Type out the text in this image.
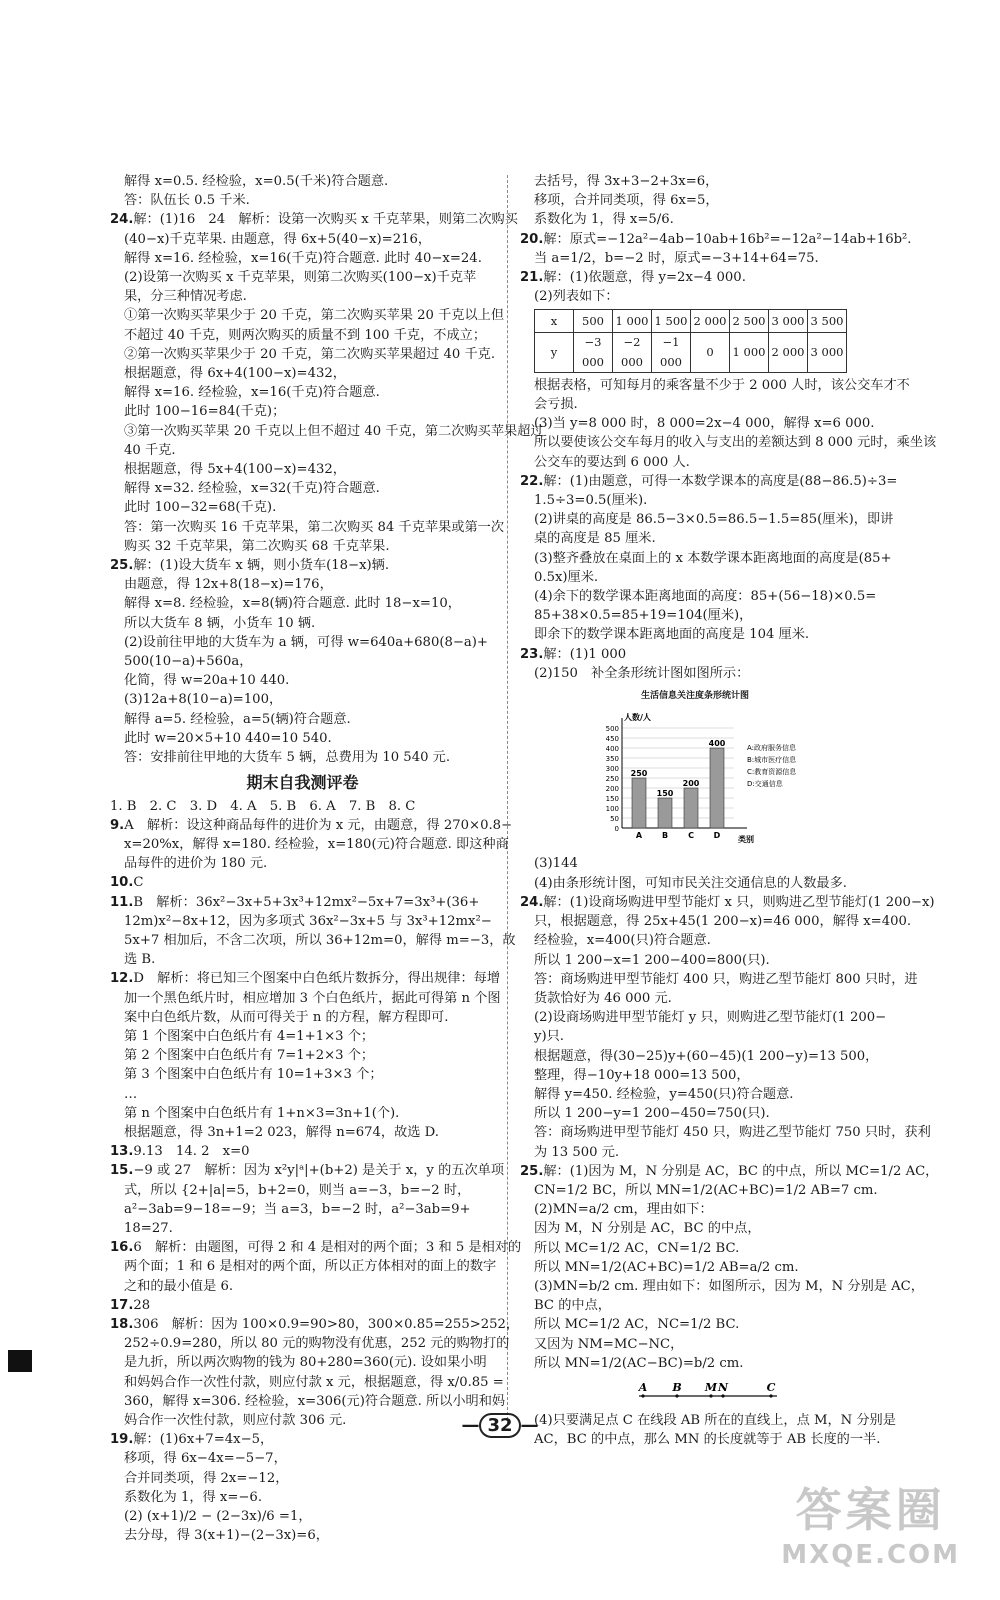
解得 x=0.5. 经检验，x=0.5(千米)符合题意.
答：队伍长 0.5 千米.
24.解：(1)16　24　解析：设第一次购买 x 千克苹果，则第二次购买
(40−x)千克苹果. 由题意，得 6x+5(40−x)=216，
解得 x=16. 经检验，x=16(千克)符合题意. 此时 40−x=24.
(2)设第一次购买 x 千克苹果，则第二次购买(100−x)千克苹
果，分三种情况考虑.
①第一次购买苹果少于 20 千克，第二次购买苹果 20 千克以上但
不超过 40 千克，则两次购买的质量不到 100 千克，不成立；
②第一次购买苹果少于 20 千克，第二次购买苹果超过 40 千克.
根据题意，得 6x+4(100−x)=432，
解得 x=16. 经检验，x=16(千克)符合题意.
此时 100−16=84(千克)；
③第一次购买苹果 20 千克以上但不超过 40 千克，第二次购买苹果超过
40 千克.
根据题意，得 5x+4(100−x)=432，
解得 x=32. 经检验，x=32(千克)符合题意.
此时 100−32=68(千克).
答：第一次购买 16 千克苹果，第二次购买 84 千克苹果或第一次
购买 32 千克苹果，第二次购买 68 千克苹果.
25.解：(1)设大货车 x 辆，则小货车(18−x)辆.
由题意，得 12x+8(18−x)=176，
解得 x=8. 经检验，x=8(辆)符合题意. 此时 18−x=10，
所以大货车 8 辆，小货车 10 辆.
(2)设前往甲地的大货车为 a 辆，可得 w=640a+680(8−a)+
500(10−a)+560a，
化简，得 w=20a+10 440.
(3)12a+8(10−a)=100，
解得 a=5. 经检验，a=5(辆)符合题意.
此时 w=20×5+10 440=10 540.
答：安排前往甲地的大货车 5 辆，总费用为 10 540 元.
期末自我测评卷
1. B　2. C　3. D　4. A　5. B　6. A　7. B　8. C
9.A　解析：设这种商品每件的进价为 x 元，由题意，得 270×0.8−
x=20%x，解得 x=180. 经检验，x=180(元)符合题意. 即这种商
品每件的进价为 180 元.
10.C
11.B　解析：36x²−3x+5+3x³+12mx²−5x+7=3x³+(36+
12m)x²−8x+12，因为多项式 36x²−3x+5 与 3x³+12mx²−
5x+7 相加后，不含二次项，所以 36+12m=0，解得 m=−3，故
选 B.
12.D　解析：将已知三个图案中白色纸片数拆分，得出规律：每增
加一个黑色纸片时，相应增加 3 个白色纸片，据此可得第 n 个图
案中白色纸片数，从而可得关于 n 的方程，解方程即可.
第 1 个图案中白色纸片有 4=1+1×3 个；
第 2 个图案中白色纸片有 7=1+2×3 个；
第 3 个图案中白色纸片有 10=1+3×3 个；
…
第 n 个图案中白色纸片有 1+n×3=3n+1(个).
根据题意，得 3n+1=2 023，解得 n=674，故选 D.
13.9.13　14. 2　x=0
15.−9 或 27　解析：因为 x²y|ᵃ|+(b+2) 是关于 x，y 的五次单项
式，所以 {2+|a|=5，b+2=0，则当 a=−3，b=−2 时，
a²−3ab=9−18=−9；当 a=3，b=−2 时，a²−3ab=9+
18=27.
16.6　解析：由题图，可得 2 和 4 是相对的两个面；3 和 5 是相对的
两个面；1 和 6 是相对的两个面，所以正方体相对的面上的数字
之和的最小值是 6.
17.28
18.306　解析：因为 100×0.9=90>80，300×0.85=255>252，
252÷0.9=280，所以 80 元的购物没有优惠，252 元的购物打的
是九折，所以两次购物的钱为 80+280=360(元). 设如果小明
和妈妈合作一次性付款，则应付款 x 元，根据题意，得 x/0.85 =
360，解得 x=306. 经检验，x=306(元)符合题意. 所以小明和妈
妈合作一次性付款，则应付款 306 元.
19.解：(1)6x+7=4x−5，
移项，得 6x−4x=−5−7，
合并同类项，得 2x=−12，
系数化为 1，得 x=−6.
(2) (x+1)/2 − (2−3x)/6 =1，
去分母，得 3(x+1)−(2−3x)=6，
去括号，得 3x+3−2+3x=6，
移项，合并同类项，得 6x=5，
系数化为 1，得 x=5/6.
20.解：原式=−12a²−4ab−10ab+16b²=−12a²−14ab+16b².
当 a=1/2，b=−2 时，原式=−3+14+64=75.
21.解：(1)依题意，得 y=2x−4 000.
(2)列表如下：
x	500	1 000	1 500	2 000	2 500	3 000	3 500
y	−3 000	−2 000	−1 000	0	1 000	2 000	3 000
根据表格，可知每月的乘客量不少于 2 000 人时，该公交车才不
会亏损.
(3)当 y=8 000 时，8 000=2x−4 000，解得 x=6 000.
所以要使该公交车每月的收入与支出的差额达到 8 000 元时，乘坐该
公交车的要达到 6 000 人.
22.解：(1)由题意，可得一本数学课本的高度是(88−86.5)÷3=
1.5÷3=0.5(厘米).
(2)讲桌的高度是 86.5−3×0.5=86.5−1.5=85(厘米)，即讲
桌的高度是 85 厘米.
(3)整齐叠放在桌面上的 x 本数学课本距离地面的高度是(85+
0.5x)厘米.
(4)余下的数学课本距离地面的高度：85+(56−18)×0.5=
85+38×0.5=85+19=104(厘米)，
即余下的数学课本距离地面的高度是 104 厘米.
23.解：(1)1 000
(2)150　补全条形统计图如图所示：
生活信息关注度条形统计图
0
50
100
150
200
250
300
350
400
450
500
人数/人
类别
250
A
150
B
200
C
400
D
A:政府服务信息
B:城市医疗信息
C:教育资源信息
D:交通信息
(3)144
(4)由条形统计图，可知市民关注交通信息的人数最多.
24.解：(1)设商场购进甲型节能灯 x 只，则购进乙型节能灯(1 200−x)
只，根据题意，得 25x+45(1 200−x)=46 000，解得 x=400.
经检验，x=400(只)符合题意.
所以 1 200−x=1 200−400=800(只).
答：商场购进甲型节能灯 400 只，购进乙型节能灯 800 只时，进
货款恰好为 46 000 元.
(2)设商场购进甲型节能灯 y 只，则购进乙型节能灯(1 200−
y)只.
根据题意，得(30−25)y+(60−45)(1 200−y)=13 500，
整理，得−10y+18 000=13 500，
解得 y=450. 经检验，y=450(只)符合题意.
所以 1 200−y=1 200−450=750(只).
答：商场购进甲型节能灯 450 只，购进乙型节能灯 750 只时，获利
为 13 500 元.
25.解：(1)因为 M，N 分别是 AC，BC 的中点，所以 MC=1/2 AC，
CN=1/2 BC，所以 MN=1/2(AC+BC)=1/2 AB=7 cm.
(2)MN=a/2 cm，理由如下：
因为 M，N 分别是 AC，BC 的中点，
所以 MC=1/2 AC，CN=1/2 BC.
所以 MN=1/2(AC+BC)=1/2 AB=a/2 cm.
(3)MN=b/2 cm. 理由如下：如图所示，因为 M，N 分别是 AC，
BC 的中点，
所以 MC=1/2 AC，NC=1/2 BC.
又因为 NM=MC−NC，
所以 MN=1/2(AC−BC)=b/2 cm.
A B M N	C
(4)只要满足点 C 在线段 AB 所在的直线上，点 M，N 分别是
AC，BC 的中点，那么 MN 的长度就等于 AB 长度的一半.
— 32 —
答案圈
MXQE.COM
